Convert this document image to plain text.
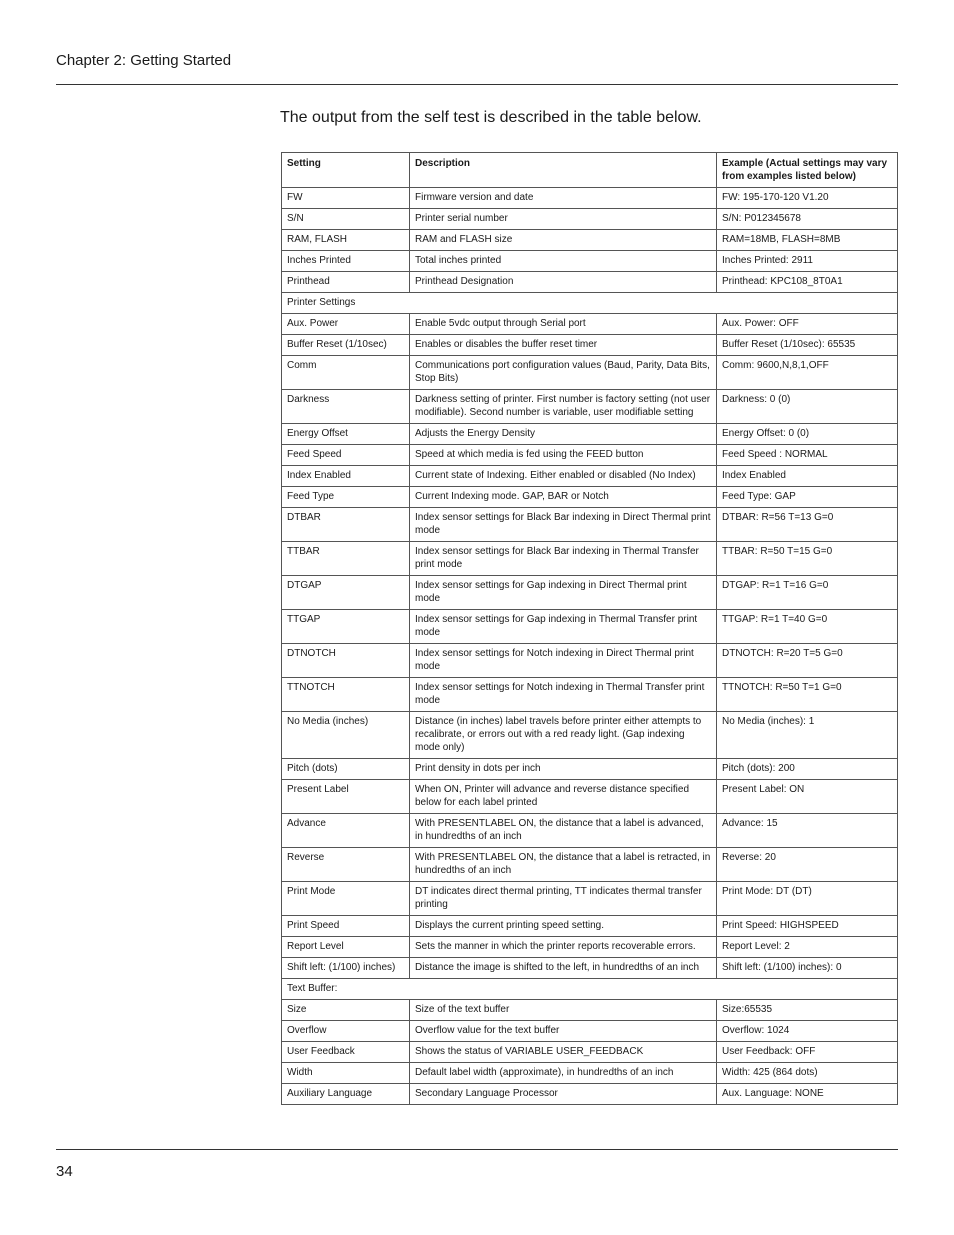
Chapter 2: Getting Started
The output from the self test is described in the table below.
Setting	Description	Example (Actual settings may vary from examples listed below)
FW	Firmware version and date	FW: 195-170-120 V1.20
S/N	Printer serial number	S/N: P012345678
RAM, FLASH	RAM and FLASH size	RAM=18MB, FLASH=8MB
Inches Printed	Total inches printed	Inches Printed: 2911
Printhead	Printhead Designation	Printhead: KPC108_8T0A1
Printer Settings		
Aux. Power	Enable 5vdc output through Serial port	Aux. Power: OFF
Buffer Reset (1/10sec)	Enables or disables the buffer reset timer	Buffer Reset (1/10sec): 65535
Comm	Communications port configuration values (Baud, Parity, Data Bits, Stop Bits)	Comm: 9600,N,8,1,OFF
Darkness	Darkness setting of printer. First number is factory setting (not user modifiable). Second number is variable, user modifiable setting	Darkness: 0 (0)
Energy Offset	Adjusts the Energy Density	Energy Offset: 0 (0)
Feed Speed	Speed at which media is fed using the FEED button	Feed Speed : NORMAL
Index Enabled	Current state of Indexing. Either enabled or disabled (No Index)	Index Enabled
Feed Type	Current Indexing mode. GAP, BAR or Notch	Feed Type: GAP
DTBAR	Index sensor settings for Black Bar indexing in Direct Thermal print mode	DTBAR: R=56 T=13 G=0
TTBAR	Index sensor settings for Black Bar indexing in Thermal Transfer print mode	TTBAR: R=50 T=15 G=0
DTGAP	Index sensor settings for Gap indexing in Direct Thermal print mode	DTGAP: R=1 T=16 G=0
TTGAP	Index sensor settings for Gap indexing in Thermal Transfer print mode	TTGAP: R=1 T=40 G=0
DTNOTCH	Index sensor settings for Notch indexing in Direct Thermal print mode	DTNOTCH: R=20 T=5 G=0
TTNOTCH	Index sensor settings for Notch indexing in Thermal Transfer print mode	TTNOTCH: R=50 T=1 G=0
No Media (inches)	Distance (in inches) label travels before printer either attempts to recalibrate, or errors out with a red ready light. (Gap indexing mode only)	No Media (inches): 1
Pitch (dots)	Print density in dots per inch	Pitch (dots): 200
Present Label	When ON, Printer will advance and reverse distance specified below for each label printed	Present Label: ON
Advance	With PRESENTLABEL ON, the distance that a label is advanced, in hundredths of an inch	Advance: 15
Reverse	With PRESENTLABEL ON, the distance that a label is retracted, in hundredths of an inch	Reverse: 20
Print Mode	DT indicates direct thermal printing, TT indicates thermal transfer printing	Print Mode: DT (DT)
Print Speed	Displays the current printing speed setting.	Print Speed: HIGHSPEED
Report Level	Sets the manner in which the printer reports recoverable errors.	Report Level: 2
Shift left: (1/100) inches)	Distance the image is shifted to the left, in hundredths of an inch	Shift left: (1/100) inches): 0
Text Buffer:		
Size	Size of the text buffer	Size:65535
Overflow	Overflow value for the text buffer	Overflow: 1024
User Feedback	Shows the status of VARIABLE USER_FEEDBACK	User Feedback: OFF
Width	Default label width (approximate), in hundredths of an inch	Width: 425 (864 dots)
Auxiliary Language	Secondary Language Processor	Aux. Language: NONE
34
